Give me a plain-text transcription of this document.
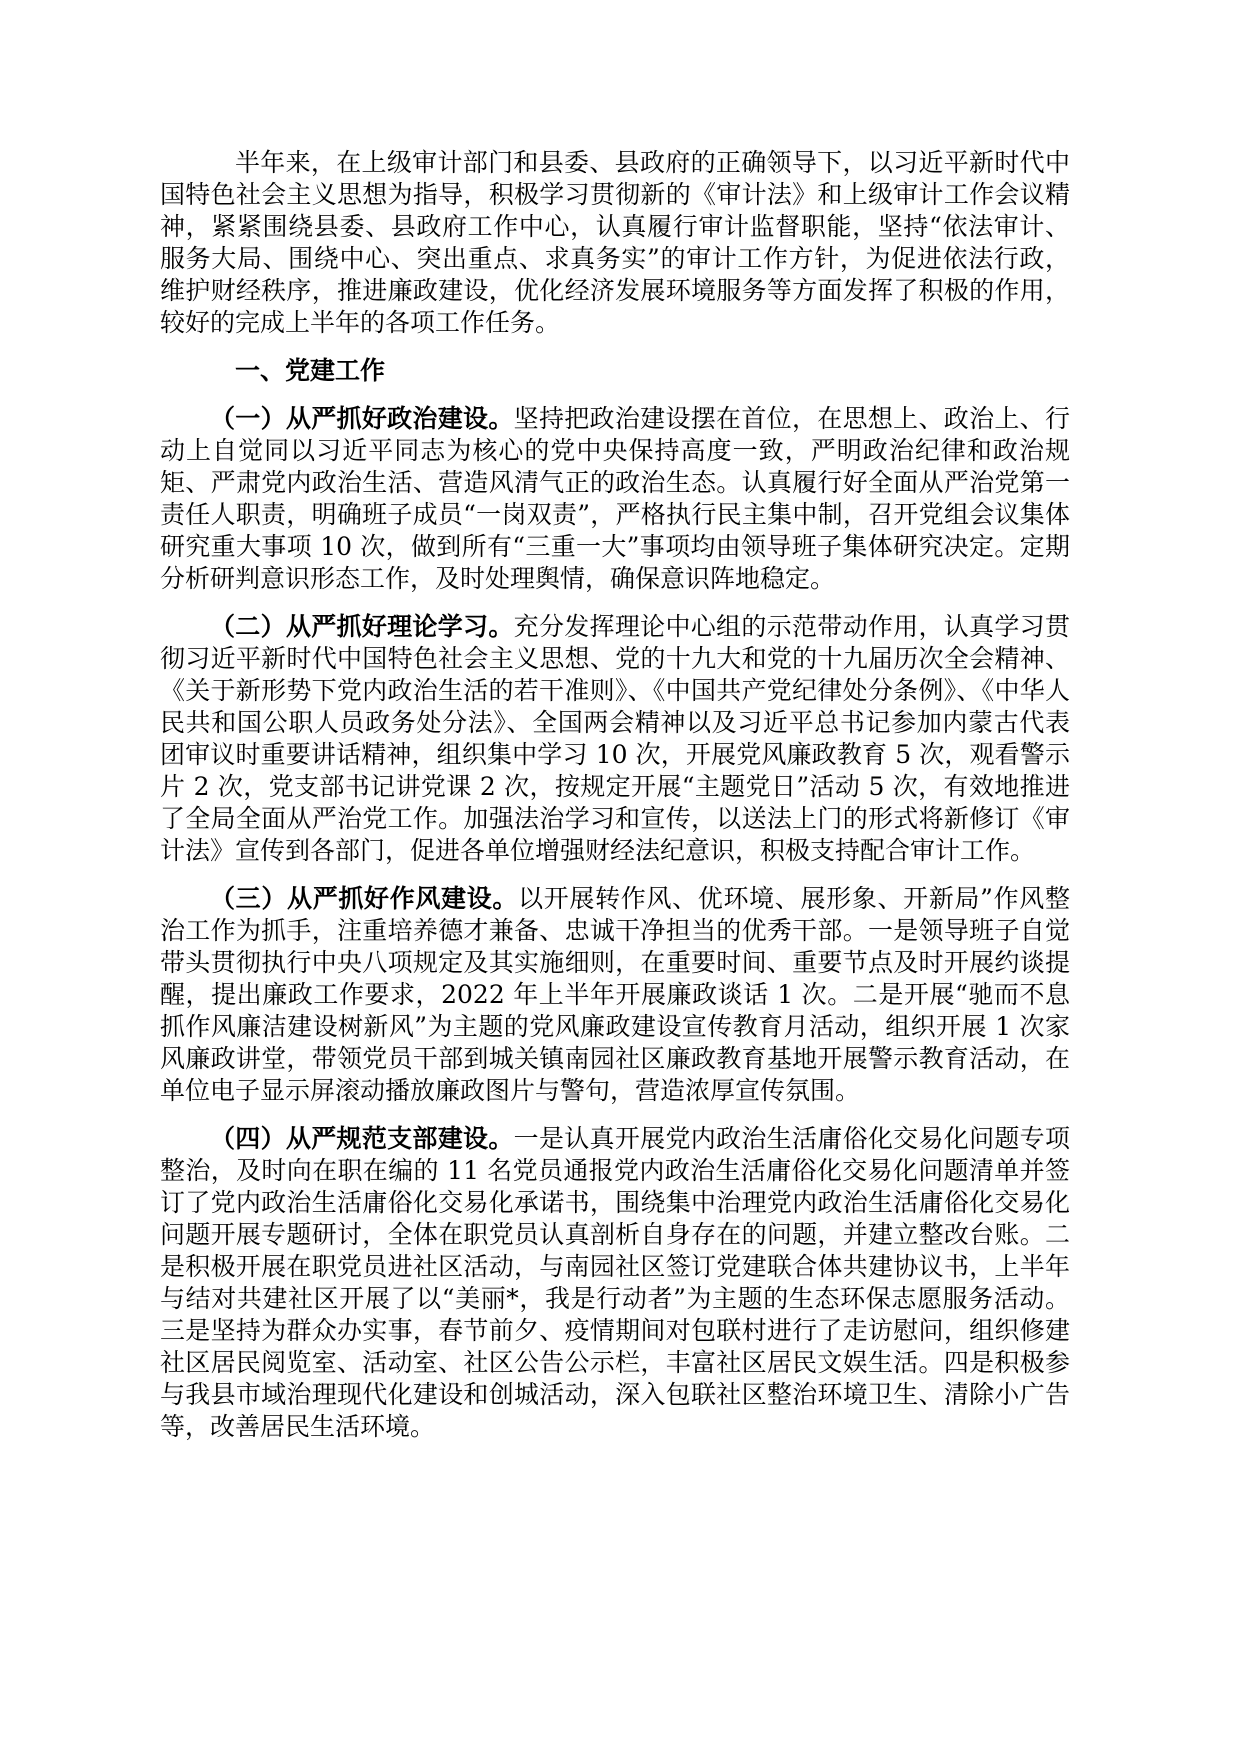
半年来，在上级审计部门和县委、县政府的正确领导下，以习近平新时代中国特色社会主义思想为指导，积极学习贯彻新的《审计法》和上级审计工作会议精神，紧紧围绕县委、县政府工作中心，认真履行审计监督职能，坚持“依法审计、服务大局、围绕中心、突出重点、求真务实”的审计工作方针，为促进依法行政，维护财经秩序，推进廉政建设，优化经济发展环境服务等方面发挥了积极的作用，较好的完成上半年的各项工作任务。

一、党建工作

（一）从严抓好政治建设。坚持把政治建设摆在首位，在思想上、政治上、行动上自觉同以习近平同志为核心的党中央保持高度一致，严明政治纪律和政治规矩、严肃党内政治生活、营造风清气正的政治生态。认真履行好全面从严治党第一责任人职责，明确班子成员“一岗双责”，严格执行民主集中制，召开党组会议集体研究重大事项 10 次，做到所有“三重一大”事项均由领导班子集体研究决定。定期分析研判意识形态工作，及时处理舆情，确保意识阵地稳定。

（二）从严抓好理论学习。充分发挥理论中心组的示范带动作用，认真学习贯彻习近平新时代中国特色社会主义思想、党的十九大和党的十九届历次全会精神、《关于新形势下党内政治生活的若干准则》、《中国共产党纪律处分条例》、《中华人民共和国公职人员政务处分法》、全国两会精神以及习近平总书记参加内蒙古代表团审议时重要讲话精神，组织集中学习 10 次，开展党风廉政教育 5 次，观看警示片 2 次，党支部书记讲党课 2 次，按规定开展“主题党日”活动 5 次，有效地推进了全局全面从严治党工作。加强法治学习和宣传，以送法上门的形式将新修订《审计法》宣传到各部门，促进各单位增强财经法纪意识，积极支持配合审计工作。

（三）从严抓好作风建设。以开展转作风、优环境、展形象、开新局”作风整治工作为抓手，注重培养德才兼备、忠诚干净担当的优秀干部。一是领导班子自觉带头贯彻执行中央八项规定及其实施细则，在重要时间、重要节点及时开展约谈提醒，提出廉政工作要求，2022 年上半年开展廉政谈话 1 次。二是开展“驰而不息抓作风廉洁建设树新风”为主题的党风廉政建设宣传教育月活动，组织开展 1 次家风廉政讲堂，带领党员干部到城关镇南园社区廉政教育基地开展警示教育活动，在单位电子显示屏滚动播放廉政图片与警句，营造浓厚宣传氛围。

（四）从严规范支部建设。一是认真开展党内政治生活庸俗化交易化问题专项整治，及时向在职在编的 11 名党员通报党内政治生活庸俗化交易化问题清单并签订了党内政治生活庸俗化交易化承诺书，围绕集中治理党内政治生活庸俗化交易化问题开展专题研讨，全体在职党员认真剖析自身存在的问题，并建立整改台账。二是积极开展在职党员进社区活动，与南园社区签订党建联合体共建协议书，上半年与结对共建社区开展了以“美丽*，我是行动者”为主题的生态环保志愿服务活动。三是坚持为群众办实事，春节前夕、疫情期间对包联村进行了走访慰问，组织修建社区居民阅览室、活动室、社区公告公示栏，丰富社区居民文娱生活。四是积极参与我县市域治理现代化建设和创城活动，深入包联社区整治环境卫生、清除小广告等，改善居民生活环境。
